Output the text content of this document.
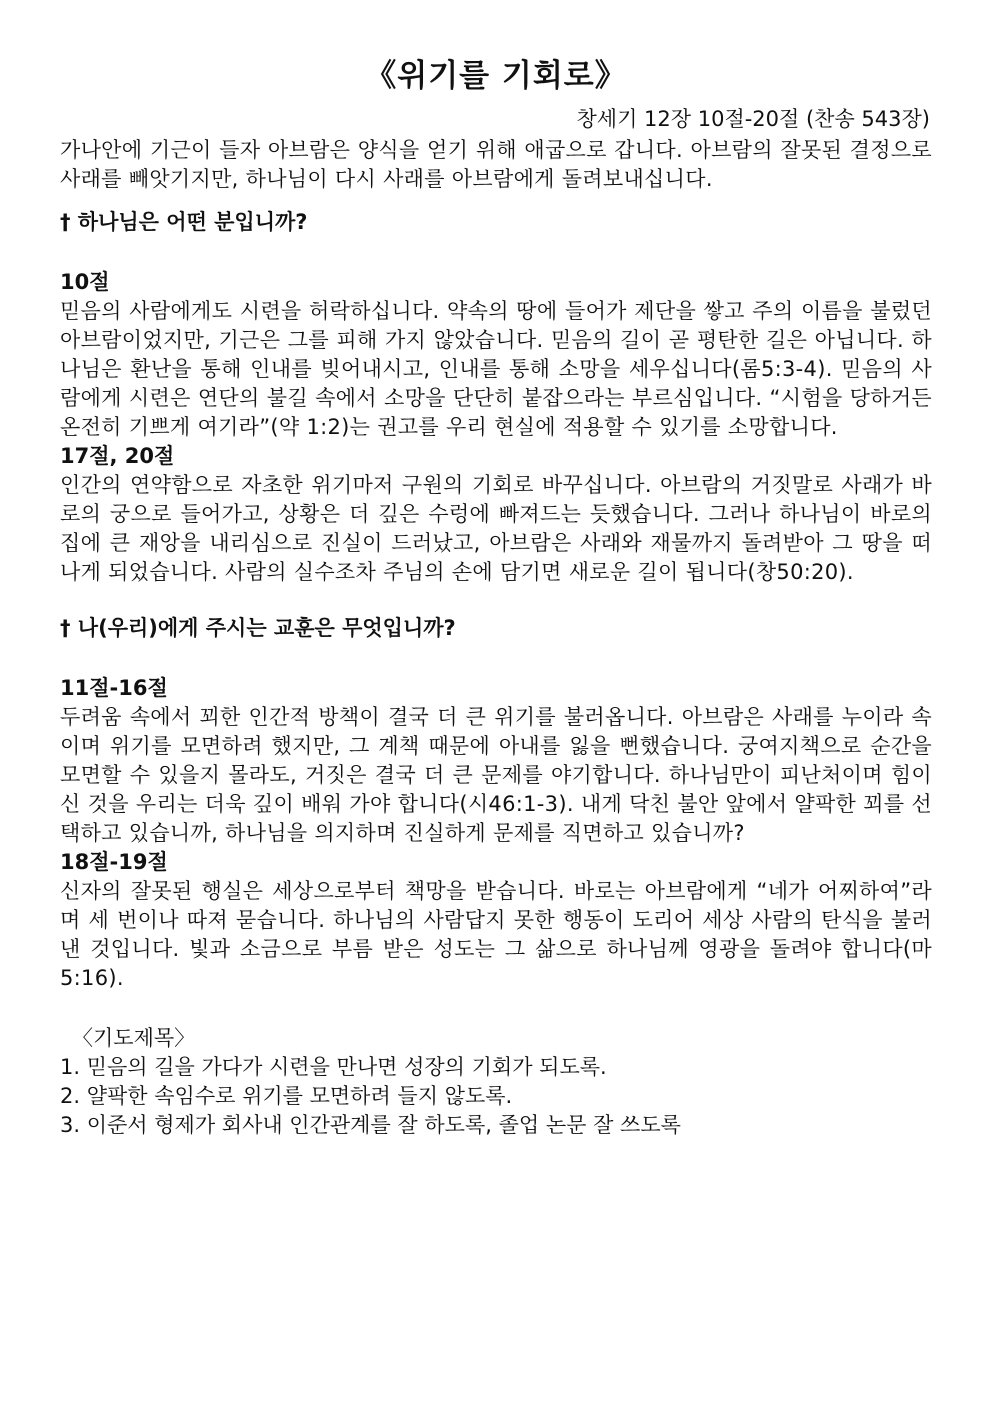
《위기를 기회로》

창세기 12장 10절-20절 (찬송 543장)

가나안에 기근이 들자 아브람은 양식을 얻기 위해 애굽으로 갑니다. 아브람의 잘못된 결정으로 사래를 빼앗기지만, 하나님이 다시 사래를 아브람에게 돌려보내십니다.

† 하나님은 어떤 분입니까?

10절

믿음의 사람에게도 시련을 허락하십니다. 약속의 땅에 들어가 제단을 쌓고 주의 이름을 불렀던 아브람이었지만, 기근은 그를 피해 가지 않았습니다. 믿음의 길이 곧 평탄한 길은 아닙니다. 하나님은 환난을 통해 인내를 빚어내시고, 인내를 통해 소망을 세우십니다(롬5:3-4). 믿음의 사람에게 시련은 연단의 불길 속에서 소망을 단단히 붙잡으라는 부르심입니다. “시험을 당하거든 온전히 기쁘게 여기라”(약 1:2)는 권고를 우리 현실에 적용할 수 있기를 소망합니다.

17절, 20절

인간의 연약함으로 자초한 위기마저 구원의 기회로 바꾸십니다. 아브람의 거짓말로 사래가 바로의 궁으로 들어가고, 상황은 더 깊은 수렁에 빠져드는 듯했습니다. 그러나 하나님이 바로의 집에 큰 재앙을 내리심으로 진실이 드러났고, 아브람은 사래와 재물까지 돌려받아 그 땅을 떠나게 되었습니다. 사람의 실수조차 주님의 손에 담기면 새로운 길이 됩니다(창50:20).

† 나(우리)에게 주시는 교훈은 무엇입니까?

11절-16절

두려움 속에서 꾀한 인간적 방책이 결국 더 큰 위기를 불러옵니다. 아브람은 사래를 누이라 속이며 위기를 모면하려 했지만, 그 계책 때문에 아내를 잃을 뻔했습니다. 궁여지책으로 순간을 모면할 수 있을지 몰라도, 거짓은 결국 더 큰 문제를 야기합니다. 하나님만이 피난처이며 힘이신 것을 우리는 더욱 깊이 배워 가야 합니다(시46:1-3). 내게 닥친 불안 앞에서 얄팍한 꾀를 선택하고 있습니까, 하나님을 의지하며 진실하게 문제를 직면하고 있습니까?

18절-19절

신자의 잘못된 행실은 세상으로부터 책망을 받습니다. 바로는 아브람에게 “네가 어찌하여”라며 세 번이나 따져 묻습니다. 하나님의 사람답지 못한 행동이 도리어 세상 사람의 탄식을 불러낸 것입니다. 빛과 소금으로 부름 받은 성도는 그 삶으로 하나님께 영광을 돌려야 합니다(마5:16).

〈기도제목〉

1. 믿음의 길을 가다가 시련을 만나면 성장의 기회가 되도록.

2. 얄팍한 속임수로 위기를 모면하려 들지 않도록.

3. 이준서 형제가 회사내 인간관계를 잘 하도록, 졸업 논문 잘 쓰도록
